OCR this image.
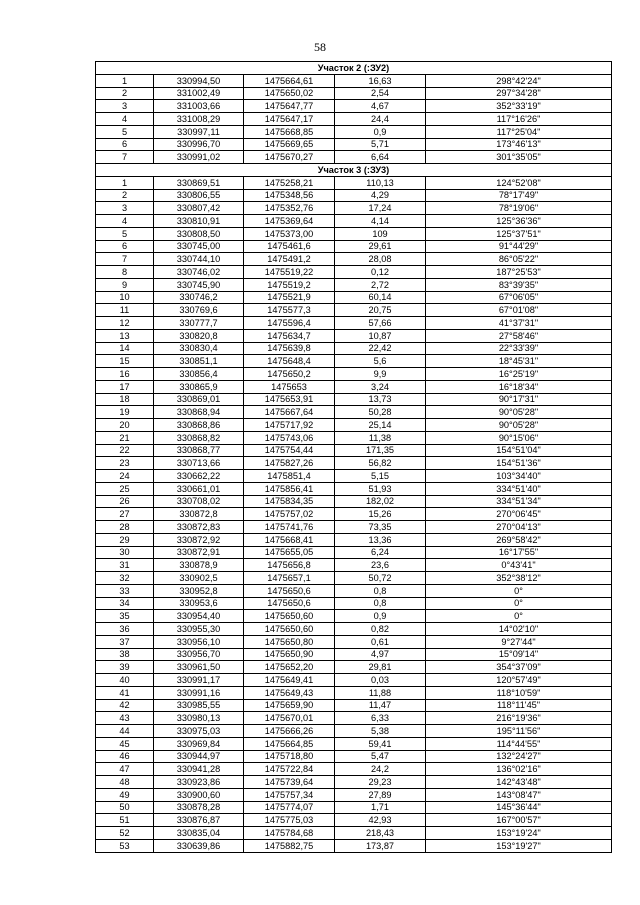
58
Участок 2 (:ЗУ2)				
1	330994,50	1475664,61	16,63	298°42'24"
2	331002,49	1475650,02	2,54	297°34'28"
3	331003,66	1475647,77	4,67	352°33'19"
4	331008,29	1475647,17	24,4	117°16'26"
5	330997,11	1475668,85	0,9	117°25'04"
6	330996,70	1475669,65	5,71	173°46'13"
7	330991,02	1475670,27	6,64	301°35'05"
Участок 3 (:ЗУ3)				
1	330869,51	1475258,21	110,13	124°52'08"
2	330806,55	1475348,56	4,29	78°17'49"
3	330807,42	1475352,76	17,24	78°19'06"
4	330810,91	1475369,64	4,14	125°36'36"
5	330808,50	1475373,00	109	125°37'51"
6	330745,00	1475461,6	29,61	91°44'29"
7	330744,10	1475491,2	28,08	86°05'22"
8	330746,02	1475519,22	0,12	187°25'53"
9	330745,90	1475519,2	2,72	83°39'35"
10	330746,2	1475521,9	60,14	67°06'05"
11	330769,6	1475577,3	20,75	67°01'08"
12	330777,7	1475596,4	57,66	41°37'31"
13	330820,8	1475634,7	10,87	27°58'46"
14	330830,4	1475639,8	22,42	22°33'39"
15	330851,1	1475648,4	5,6	18°45'31"
16	330856,4	1475650,2	9,9	16°25'19"
17	330865,9	1475653	3,24	16°18'34"
18	330869,01	1475653,91	13,73	90°17'31"
19	330868,94	1475667,64	50,28	90°05'28"
20	330868,86	1475717,92	25,14	90°05'28"
21	330868,82	1475743,06	11,38	90°15'06"
22	330868,77	1475754,44	171,35	154°51'04"
23	330713,66	1475827,26	56,82	154°51'36"
24	330662,22	1475851,4	5,15	103°34'40"
25	330661,01	1475856,41	51,93	334°51'40"
26	330708,02	1475834,35	182,02	334°51'34"
27	330872,8	1475757,02	15,26	270°06'45"
28	330872,83	1475741,76	73,35	270°04'13"
29	330872,92	1475668,41	13,36	269°58'42"
30	330872,91	1475655,05	6,24	16°17'55"
31	330878,9	1475656,8	23,6	0°43'41"
32	330902,5	1475657,1	50,72	352°38'12"
33	330952,8	1475650,6	0,8	0°
34	330953,6	1475650,6	0,8	0°
35	330954,40	1475650,60	0,9	0°
36	330955,30	1475650,60	0,82	14°02'10"
37	330956,10	1475650,80	0,61	9°27'44"
38	330956,70	1475650,90	4,97	15°09'14"
39	330961,50	1475652,20	29,81	354°37'09"
40	330991,17	1475649,41	0,03	120°57'49"
41	330991,16	1475649,43	11,88	118°10'59"
42	330985,55	1475659,90	11,47	118°11'45"
43	330980,13	1475670,01	6,33	216°19'36"
44	330975,03	1475666,26	5,38	195°11'56"
45	330969,84	1475664,85	59,41	114°44'55"
46	330944,97	1475718,80	5,47	132°24'27"
47	330941,28	1475722,84	24,2	136°02'16"
48	330923,86	1475739,64	29,23	142°43'48"
49	330900,60	1475757,34	27,89	143°08'47"
50	330878,28	1475774,07	1,71	145°36'44"
51	330876,87	1475775,03	42,93	167°00'57"
52	330835,04	1475784,68	218,43	153°19'24"
53	330639,86	1475882,75	173,87	153°19'27"
